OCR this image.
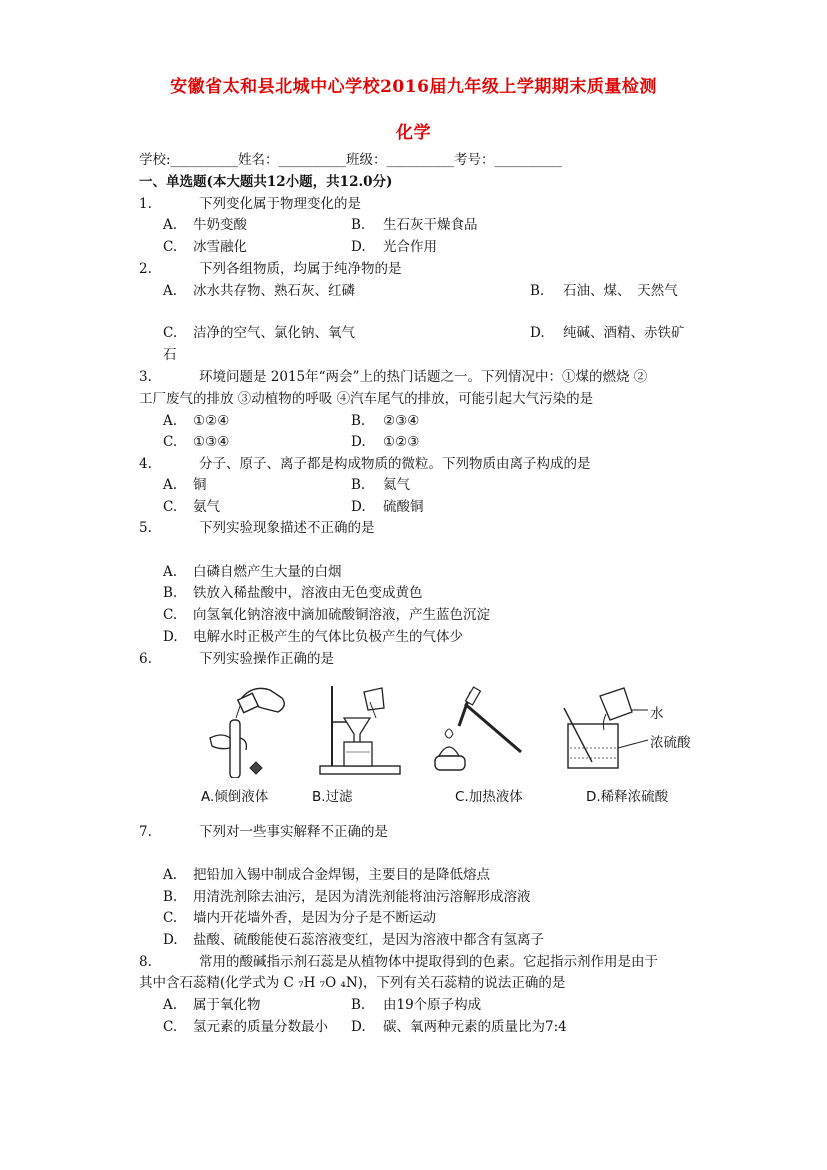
安徽省太和县北城中心学校2016届九年级上学期期末质量检测
化学
学校:__________姓名：__________班级：__________考号：__________
一、单选题(本大题共12小题，共12.0分)
1.	下列变化属于物理变化的是
A. 牛奶变酸	B. 生石灰干燥食品
C. 冰雪融化	D. 光合作用
2.	下列各组物质，均属于纯净物的是
A. 冰水共存物、熟石灰、红磷	B. 石油、煤、　天然气
C. 洁净的空气、氯化钠、氧气	D. 纯碱、酒精、赤铁矿
石
3.	环境问题是 2015年“两会”上的热门话题之一。下列情况中：①煤的燃烧 ②
工厂废气的排放 ③动植物的呼吸 ④汽车尾气的排放，可能引起大气污染的是
A. ①②④	B. ②③④
C. ①③④	D. ①②③
4.	分子、原子、离子都是构成物质的微粒。下列物质由离子构成的是
A. 铜	B. 氦气
C. 氨气	D. 硫酸铜
5.	下列实验现象描述不正确的是
A. 白磷自燃产生大量的白烟
B. 铁放入稀盐酸中，溶液由无色变成黄色
C. 向氢氧化钠溶液中滴加硫酸铜溶液，产生蓝色沉淀
D. 电解水时正极产生的气体比负极产生的气体少
6.	下列实验操作正确的是
水
浓硫酸
A.倾倒液体	B.过滤	C.加热液体	D.稀释浓硫酸
7.	下列对一些事实解释不正确的是
A. 把铅加入锡中制成合金焊锡，主要目的是降低熔点
B. 用清洗剂除去油污，是因为清洗剂能将油污溶解形成溶液
C. 墙内开花墙外香，是因为分子是不断运动
D. 盐酸、硫酸能使石蕊溶液变红，是因为溶液中都含有氢离子
8.	常用的酸碱指示剂石蕊是从植物体中提取得到的色素。它起指示剂作用是由于
其中含石蕊精(化学式为 C ₇H ₇O ₄N)，下列有关石蕊精的说法正确的是
A. 属于氧化物	B. 由19个原子构成
C. 氢元素的质量分数最小 D. 碳、氧两种元素的质量比为7:4
